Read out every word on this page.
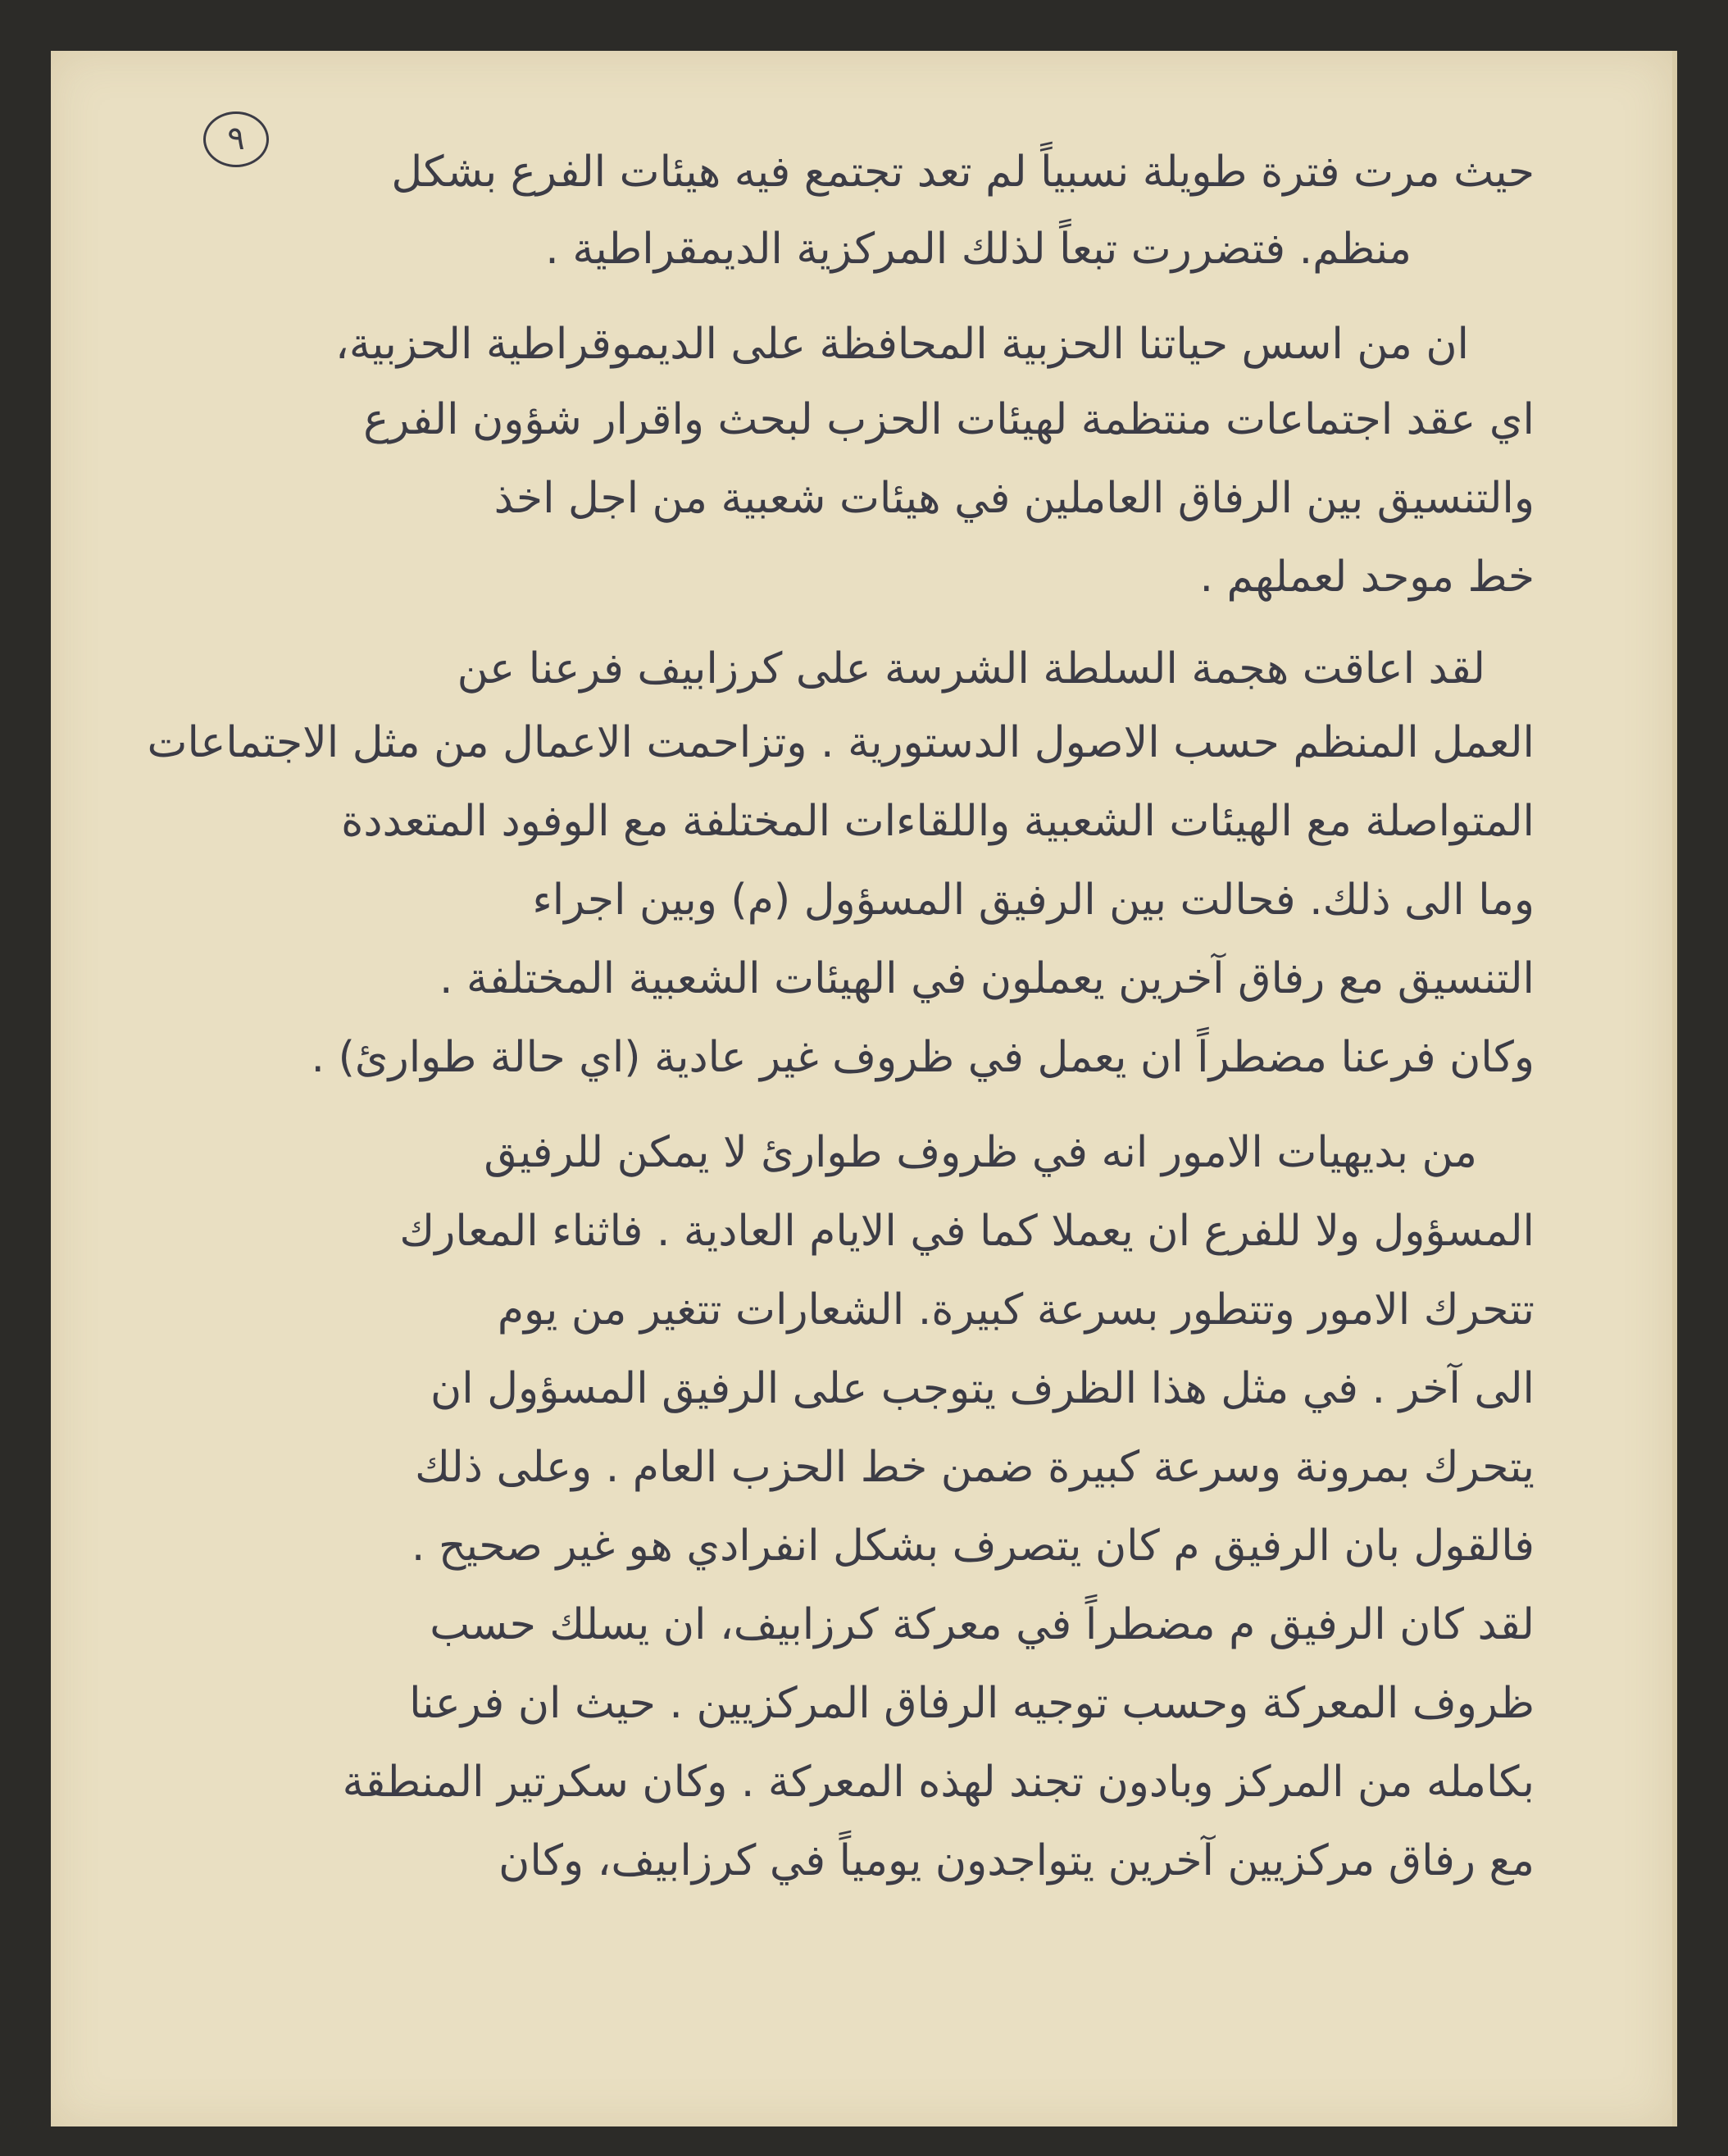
٩
حيث مرت فترة طويلة نسبياً لم تعد تجتمع فيه هيئات الفرع بشكل
منظم. فتضررت تبعاً لذلك المركزية الديمقراطية .
ان من اسس حياتنا الحزبية المحافظة على الديموقراطية الحزبية،
اي عقد اجتماعات منتظمة لهيئات الحزب لبحث واقرار شؤون الفرع
والتنسيق بين الرفاق العاملين في هيئات شعبية من اجل اخذ
خط موحد لعملهم .
لقد اعاقت هجمة السلطة الشرسة على كرزابيف فرعنا عن
العمل المنظم حسب الاصول الدستورية . وتزاحمت الاعمال من مثل الاجتماعات
المتواصلة مع الهيئات الشعبية واللقاءات المختلفة مع الوفود المتعددة
وما الى ذلك. فحالت بين الرفيق المسؤول (م) وبين اجراء
التنسيق مع رفاق آخرين يعملون في الهيئات الشعبية المختلفة .
وكان فرعنا مضطراً ان يعمل في ظروف غير عادية (اي حالة طوارئ) .
من بديهيات الامور انه في ظروف طوارئ لا يمكن للرفيق
المسؤول ولا للفرع ان يعملا كما في الايام العادية . فاثناء المعارك
تتحرك الامور وتتطور بسرعة كبيرة. الشعارات تتغير من يوم
الى آخر . في مثل هذا الظرف يتوجب على الرفيق المسؤول ان
يتحرك بمرونة وسرعة كبيرة ضمن خط الحزب العام . وعلى ذلك
فالقول بان الرفيق م كان يتصرف بشكل انفرادي هو غير صحيح .
لقد كان الرفيق م مضطراً في معركة كرزابيف، ان يسلك حسب
ظروف المعركة وحسب توجيه الرفاق المركزيين . حيث ان فرعنا
بكامله من المركز وبادون تجند لهذه المعركة . وكان سكرتير المنطقة
مع رفاق مركزيين آخرين يتواجدون يومياً في كرزابيف، وكان
